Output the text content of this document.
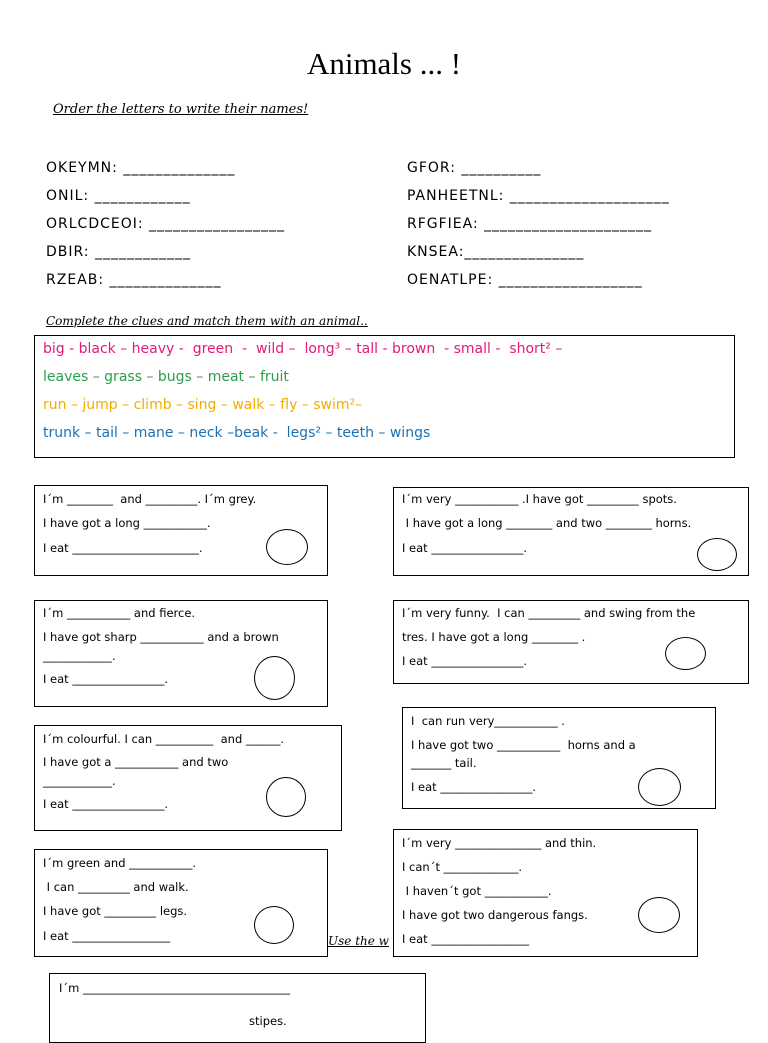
Animals ... !
Order the letters to write their names!
OKEYMN: ______________
ONIL: ____________
ORLCDCEOI: _________________
DBIR: ____________
RZEAB: ______________
GFOR: __________
PANHEETNL: ____________________
RFGFIEA: _____________________
KNSEA:_______________
OENATLPE: __________________
Complete the clues and match them with an animal..
big - black – heavy -  green  -  wild –  long³ – tall - brown  - small -  short² –
leaves – grass – bugs – meat – fruit
run – jump – climb – sing – walk – fly – swim²–
trunk – tail – mane – neck –beak -  legs² – teeth – wings
I´m ________  and _________. I´m grey.
I have got a long ___________.
I eat ______________________.
I´m very ___________ .I have got _________ spots.
I have got a long ________ and two ________ horns.
I eat ________________.
I´m ___________ and fierce.
I have got sharp ___________ and a brown
____________.
I eat ________________.
I´m very funny.  I can _________ and swing from the
tres. I have got a long ________ .
I eat ________________.
I´m colourful. I can __________  and ______.
I have got a ___________ and two
____________.
I eat ________________.
I  can run very___________ .
I have got two ___________  horns and a
_______ tail.
I eat ________________.
Use the w
I´m green and ___________.
I can _________ and walk.
I have got _________ legs.
I eat _________________
I´m very _______________ and thin.
I can´t _____________.
I haven´t got ___________.
I have got two dangerous fangs.
I eat _________________
I´m ____________________________________
stipes.
